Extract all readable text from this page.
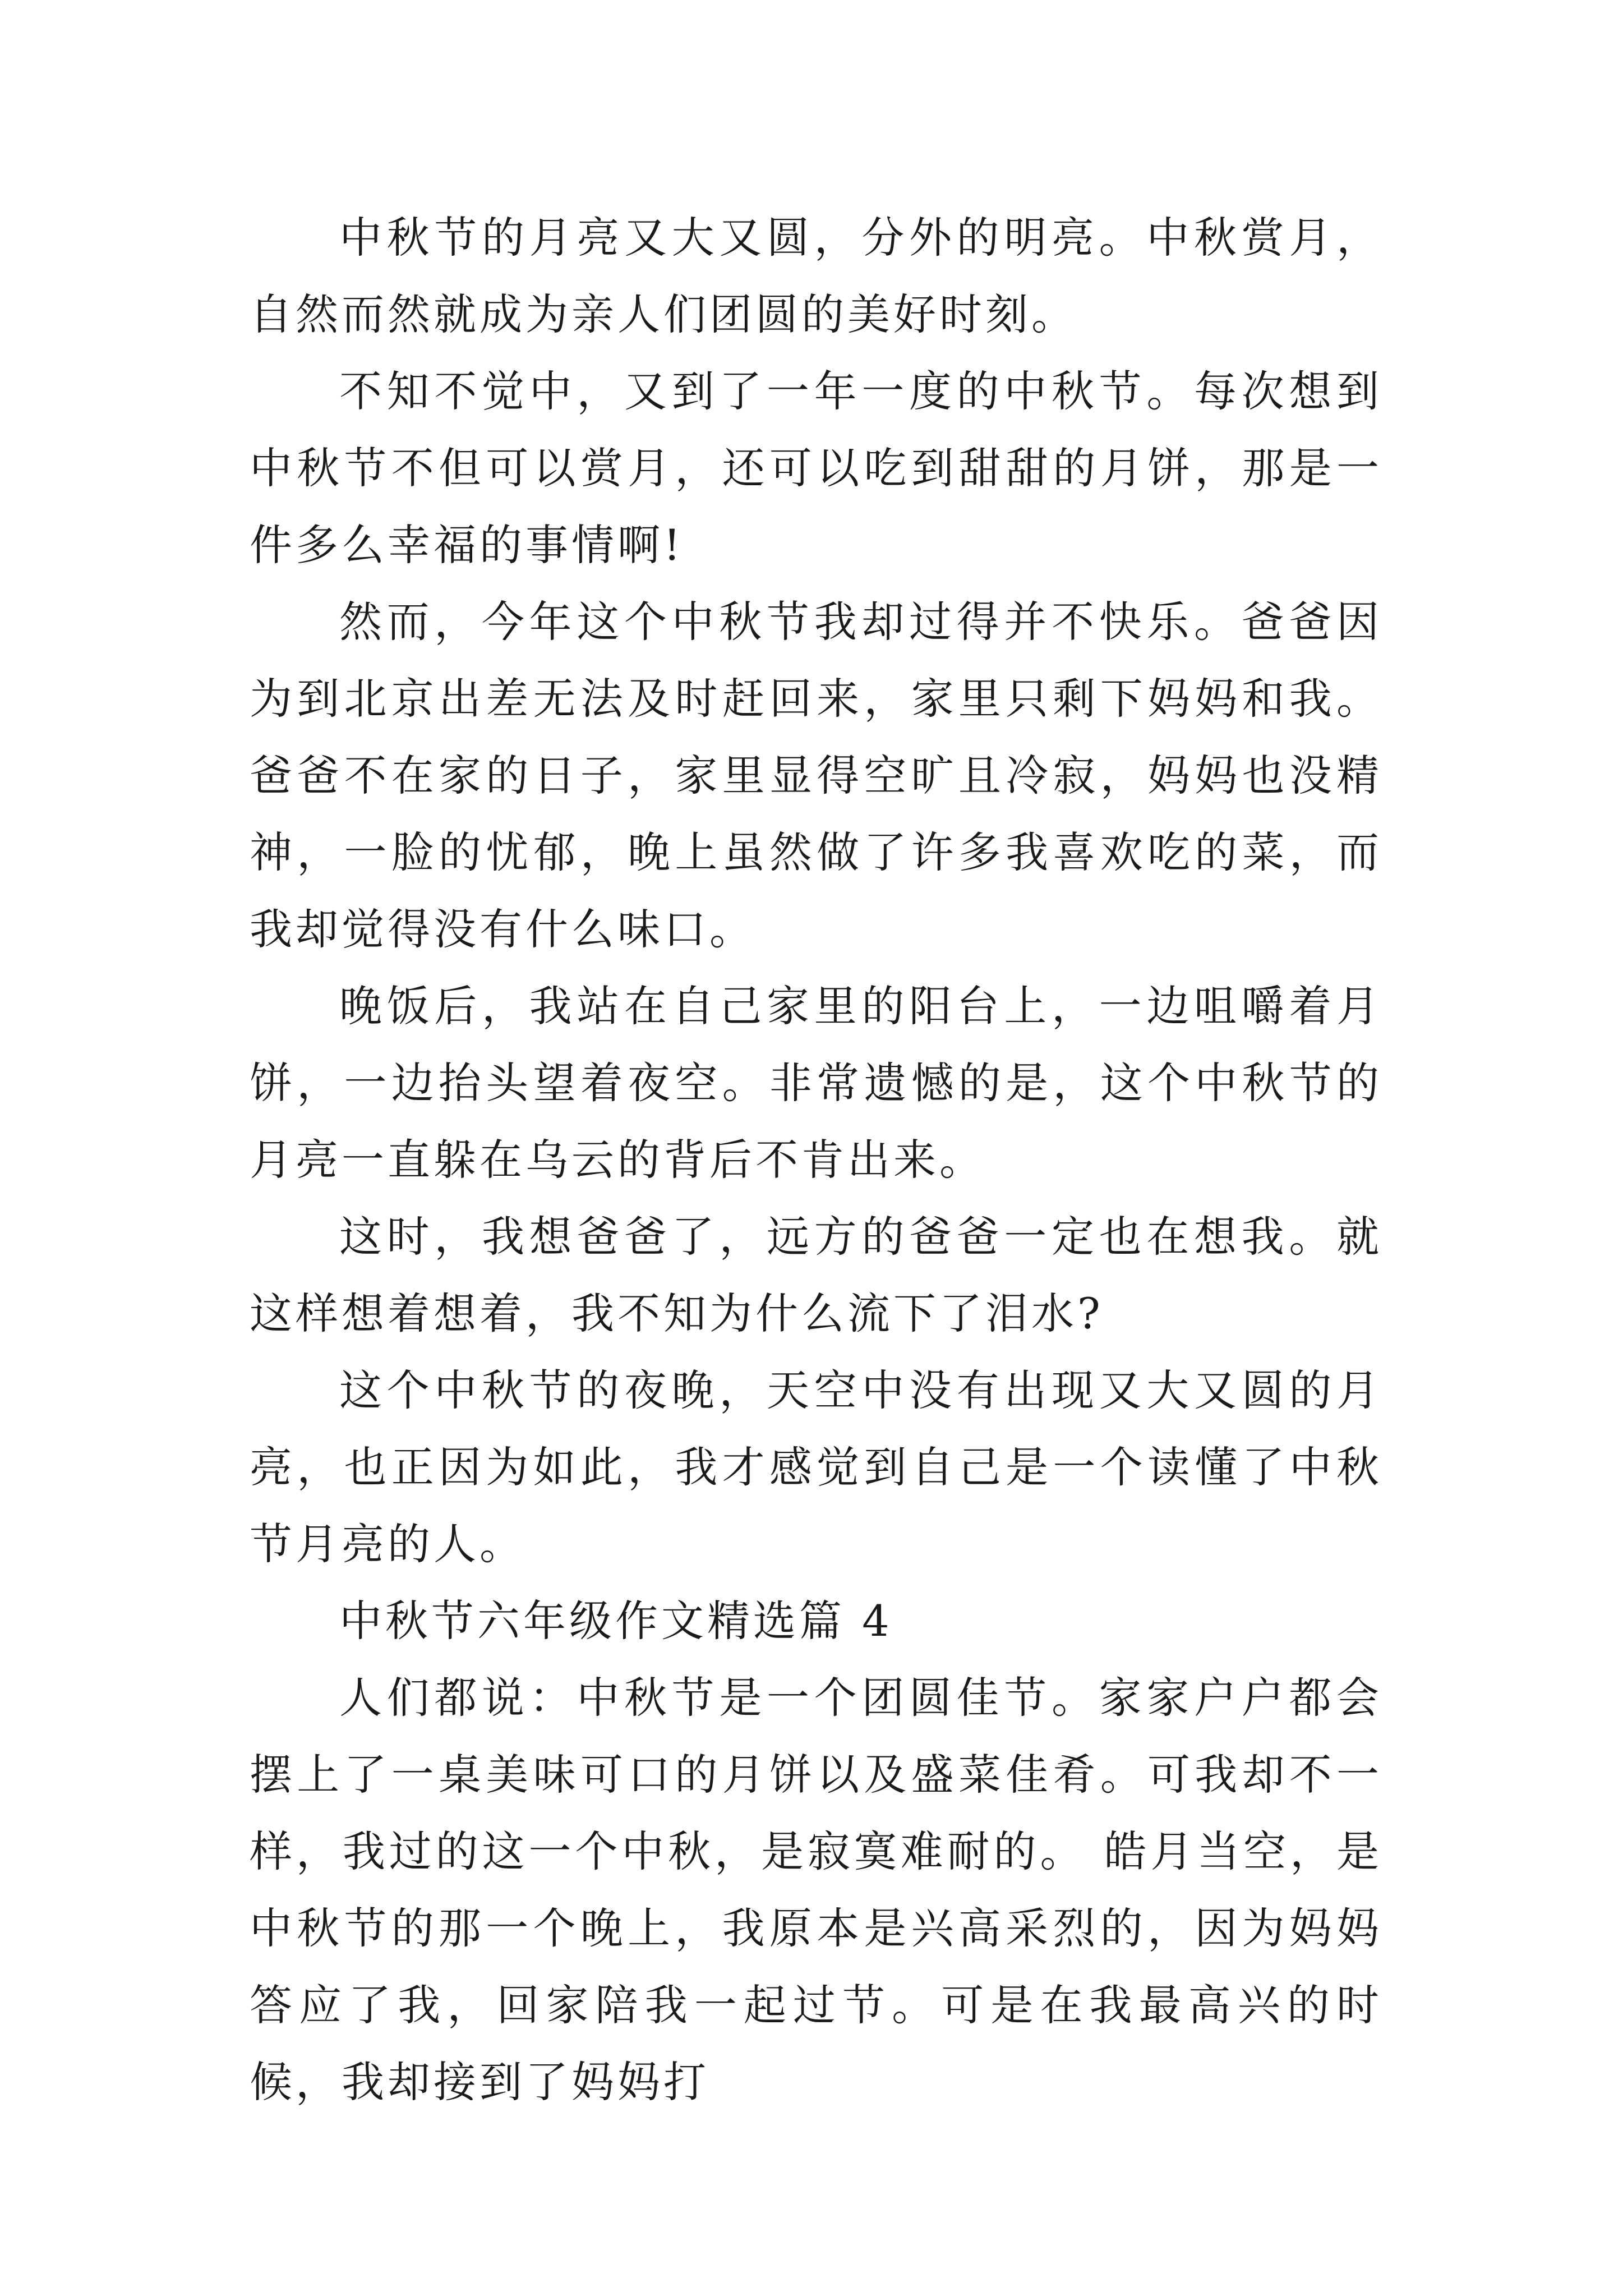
中秋节的月亮又大又圆，分外的明亮。中秋赏月，自然而然就成为亲人们团圆的美好时刻。

不知不觉中，又到了一年一度的中秋节。每次想到中秋节不但可以赏月，还可以吃到甜甜的月饼，那是一件多么幸福的事情啊!

然而，今年这个中秋节我却过得并不快乐。爸爸因为到北京出差无法及时赶回来，家里只剩下妈妈和我。爸爸不在家的日子，家里显得空旷且冷寂，妈妈也没精神，一脸的忧郁，晚上虽然做了许多我喜欢吃的菜，而我却觉得没有什么味口。

晚饭后，我站在自己家里的阳台上，一边咀嚼着月饼，一边抬头望着夜空。非常遗憾的是，这个中秋节的月亮一直躲在乌云的背后不肯出来。

这时，我想爸爸了，远方的爸爸一定也在想我。就这样想着想着，我不知为什么流下了泪水?

这个中秋节的夜晚，天空中没有出现又大又圆的月亮，也正因为如此，我才感觉到自己是一个读懂了中秋节月亮的人。

中秋节六年级作文精选篇 4

人们都说：中秋节是一个团圆佳节。家家户户都会摆上了一桌美味可口的月饼以及盛菜佳肴。可我却不一样，我过的这一个中秋，是寂寞难耐的。 皓月当空，是中秋节的那一个晚上，我原本是兴高采烈的，因为妈妈答应了我，回家陪我一起过节。可是在我最高兴的时候，我却接到了妈妈打
